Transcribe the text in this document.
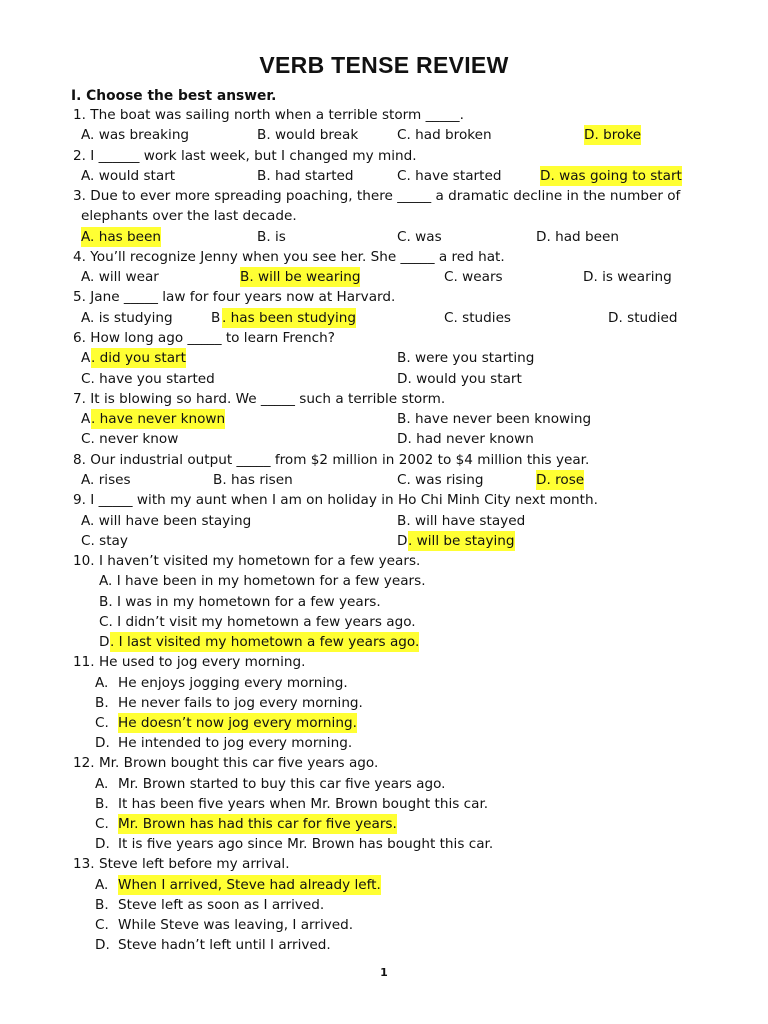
VERB TENSE REVIEW
I. Choose the best answer.
1. The boat was sailing north when a terrible storm _____.
A. was breaking	B. would break	C. had broken	D. broke
2. I ______ work last week, but I changed my mind.
A. would start	B. had started	C. have started	D. was going to start
3. Due to ever more spreading poaching, there _____ a dramatic decline in the number of
elephants over the last decade.
A. has been	B. is	C. was	D. had been
4. You’ll recognize Jenny when you see her. She _____ a red hat.
A. will wear	B. will be wearing	C. wears	D. is wearing
5. Jane _____ law for four years now at Harvard.
A. is studying	B . has been studying	C. studies	D. studied
6. How long ago _____ to learn French?
A . did you start	B. were you starting
C. have you started	D. would you start
7. It is blowing so hard. We _____ such a terrible storm.
A . have never known	B. have never been knowing
C. never know	D. had never known
8. Our industrial output _____ from $2 million in 2002 to $4 million this year.
A. rises	B. has risen	C. was rising	D. rose
9. I _____ with my aunt when I am on holiday in Ho Chi Minh City next month.
A. will have been staying	B. will have stayed
C. stay	D . will be staying
10. I haven’t visited my hometown for a few years.
A. I have been in my hometown for a few years.
B. I was in my hometown for a few years.
C. I didn’t visit my hometown a few years ago.
D . I last visited my hometown a few years ago.
11. He used to jog every morning.
A. He enjoys jogging every morning.
B. He never fails to jog every morning.
C. He doesn’t now jog every morning.
D. He intended to jog every morning.
12. Mr. Brown bought this car five years ago.
A. Mr. Brown started to buy this car five years ago.
B. It has been five years when Mr. Brown bought this car.
C. Mr. Brown has had this car for five years.
D. It is five years ago since Mr. Brown has bought this car.
13. Steve left before my arrival.
A. When I arrived, Steve had already left.
B. Steve left as soon as I arrived.
C. While Steve was leaving, I arrived.
D. Steve hadn’t left until I arrived.
1
